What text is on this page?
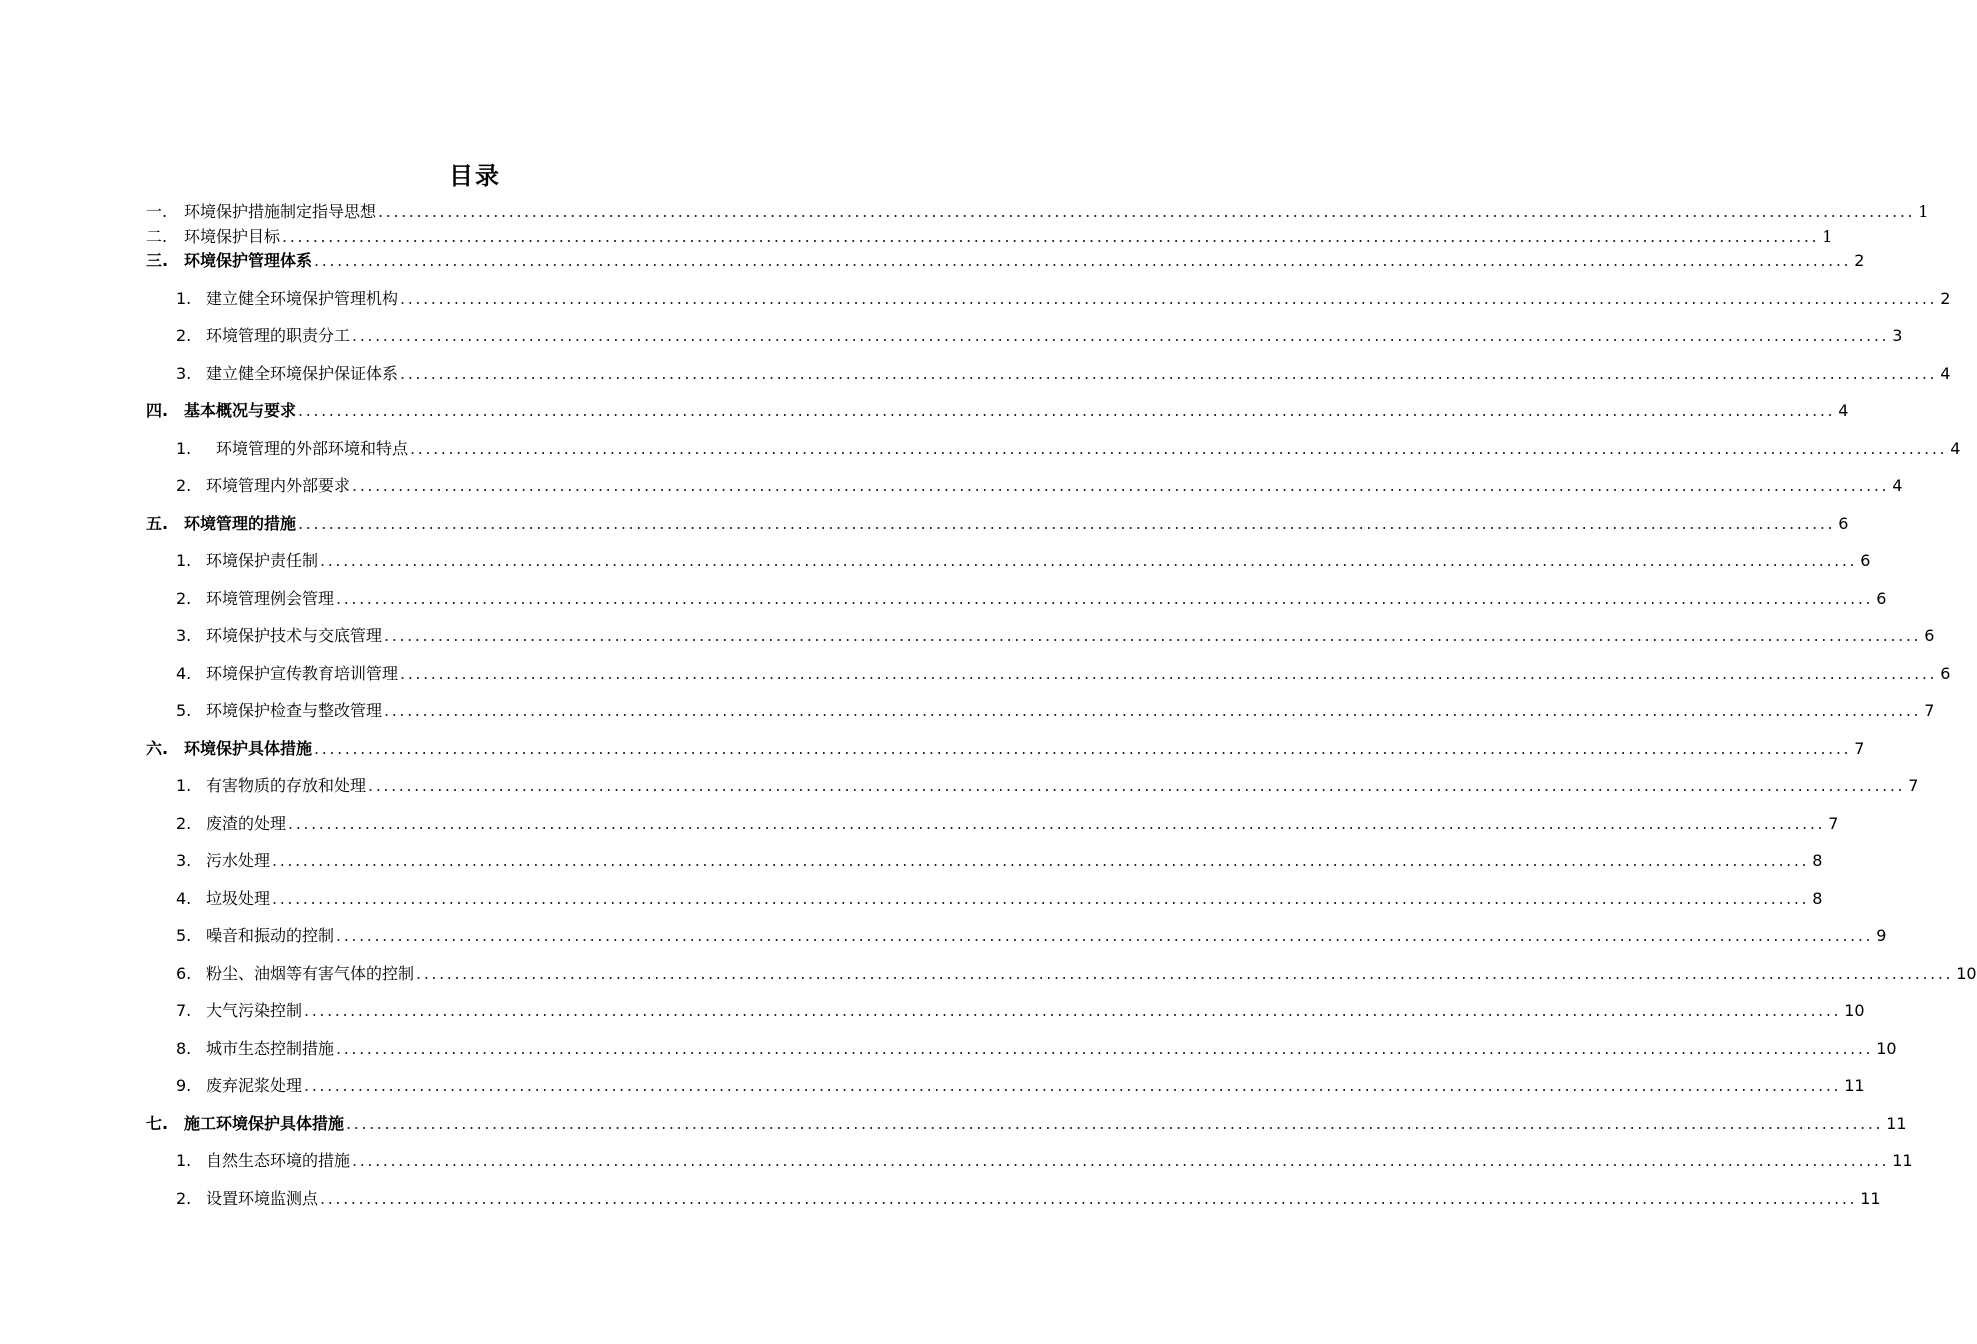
目录
一.	环境保护措施制定指导思想 ........................................................................................................................................................................................................ 1
二.	环境保护目标 ........................................................................................................................................................................................................ 1
三. 环境保护管理体系 ........................................................................................................................................................................................................ 2
1. 建立健全环境保护管理机构 ........................................................................................................................................................................................................ 2
2. 环境管理的职责分工 ........................................................................................................................................................................................................ 3
3. 建立健全环境保护保证体系 ........................................................................................................................................................................................................ 4
四. 基本概况与要求 ........................................................................................................................................................................................................ 4
1.	环境管理的外部环境和特点 ........................................................................................................................................................................................................ 4
2. 环境管理内外部要求 ........................................................................................................................................................................................................ 4
五. 环境管理的措施 ........................................................................................................................................................................................................ 6
1. 环境保护责任制 ........................................................................................................................................................................................................ 6
2. 环境管理例会管理 ........................................................................................................................................................................................................ 6
3. 环境保护技术与交底管理 ........................................................................................................................................................................................................ 6
4. 环境保护宣传教育培训管理 ........................................................................................................................................................................................................ 6
5. 环境保护检查与整改管理 ........................................................................................................................................................................................................ 7
六. 环境保护具体措施 ........................................................................................................................................................................................................ 7
1. 有害物质的存放和处理 ........................................................................................................................................................................................................ 7
2. 废渣的处理 ........................................................................................................................................................................................................ 7
3. 污水处理 ........................................................................................................................................................................................................ 8
4. 垃圾处理 ........................................................................................................................................................................................................ 8
5. 噪音和振动的控制 ........................................................................................................................................................................................................ 9
6. 粉尘、油烟等有害气体的控制 ........................................................................................................................................................................................................ 10
7. 大气污染控制 ........................................................................................................................................................................................................ 10
8. 城市生态控制措施 ........................................................................................................................................................................................................ 10
9. 废弃泥浆处理 ........................................................................................................................................................................................................ 11
七. 施工环境保护具体措施 ........................................................................................................................................................................................................ 11
1. 自然生态环境的措施 ........................................................................................................................................................................................................ 11
2. 设置环境监测点 ........................................................................................................................................................................................................ 11
